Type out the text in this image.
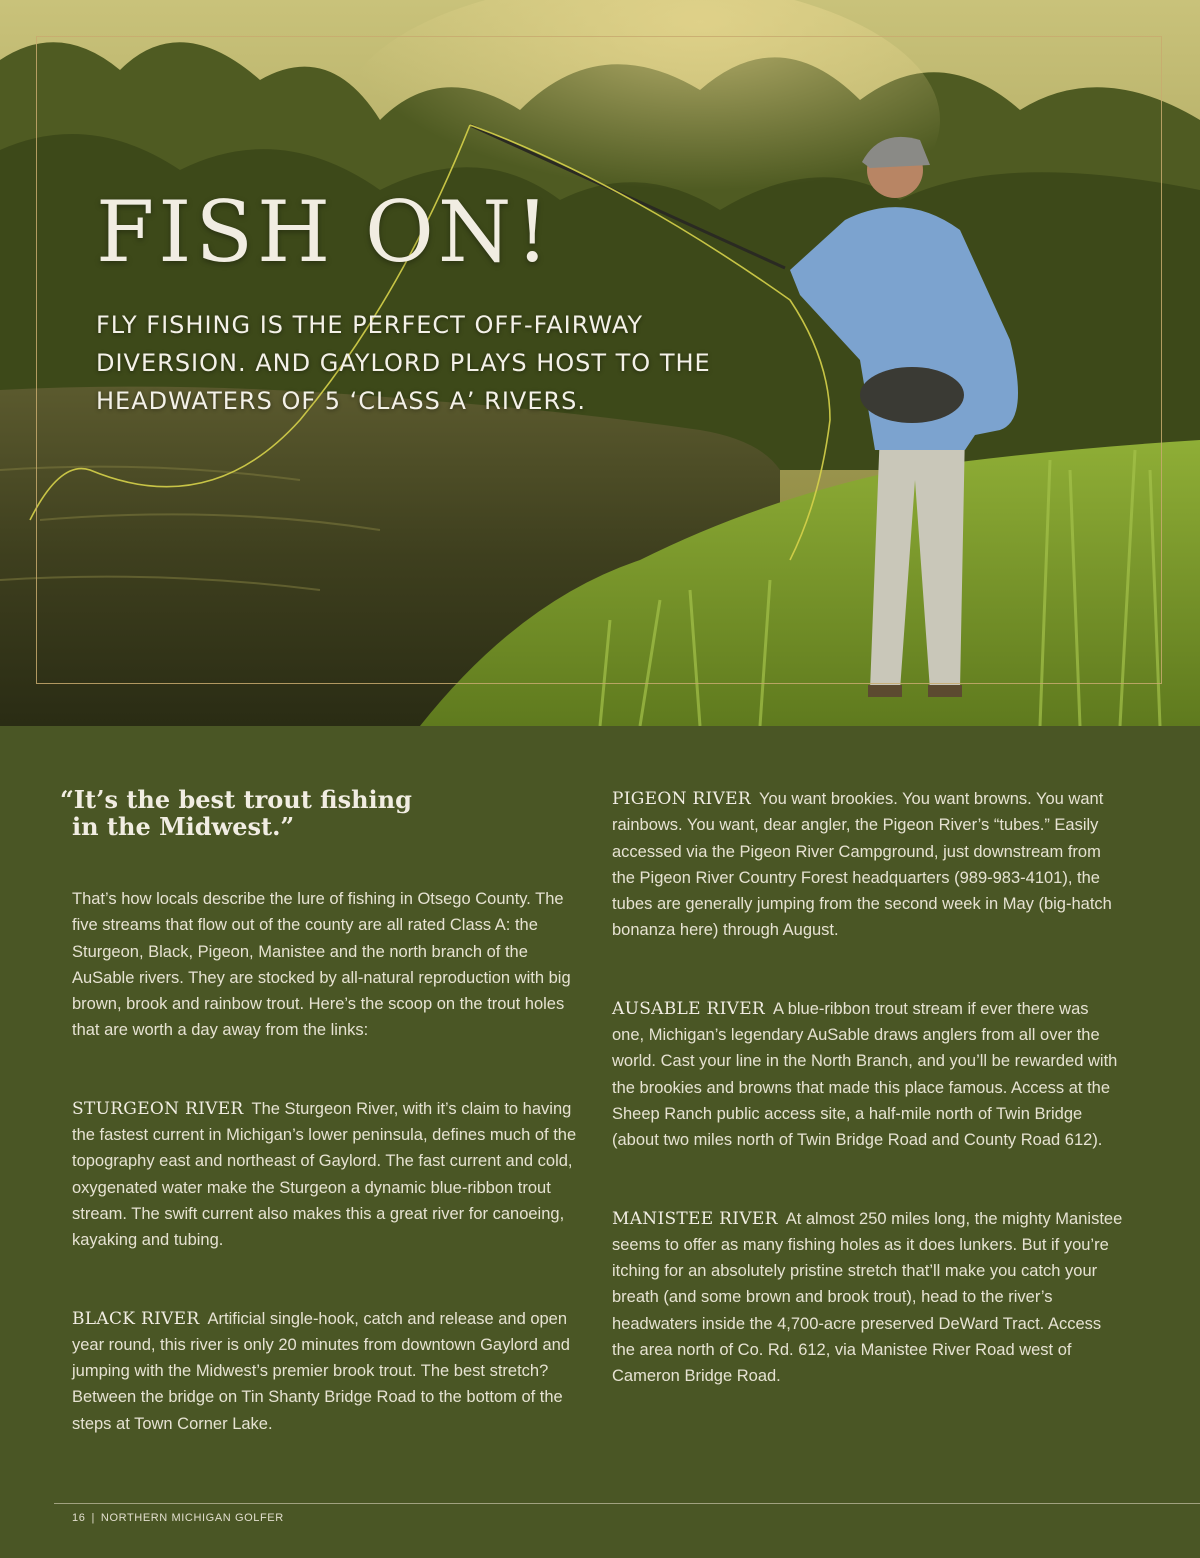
FISH ON!

FLY FISHING IS THE PERFECT OFF-FAIRWAY DIVERSION. AND GAYLORD PLAYS HOST TO THE HEADWATERS OF 5 ‘CLASS A’ RIVERS.

“It’s the best trout fishing
in the Midwest.”

That’s how locals describe the lure of fishing in Otsego County. The five streams that flow out of the county are all rated Class A: the Sturgeon, Black, Pigeon, Manistee and the north branch of the AuSable rivers. They are stocked by all-natural reproduction with big brown, brook and rainbow trout. Here’s the scoop on the trout holes that are worth a day away from the links:

STURGEON RIVER The Sturgeon River, with it’s claim to having the fastest current in Michigan’s lower peninsula, defines much of the topography east and northeast of Gaylord. The fast current and cold, oxygenated water make the Sturgeon a dynamic blue-ribbon trout stream. The swift current also makes this a great river for canoeing, kayaking and tubing.

BLACK RIVER Artificial single-hook, catch and release and open year round, this river is only 20 minutes from downtown Gaylord and jumping with the Midwest’s premier brook trout. The best stretch? Between the bridge on Tin Shanty Bridge Road to the bottom of the steps at Town Corner Lake.

PIGEON RIVER You want brookies. You want browns. You want rainbows. You want, dear angler, the Pigeon River’s “tubes.” Easily accessed via the Pigeon River Campground, just downstream from the Pigeon River Country Forest headquarters (989-983-4101), the tubes are generally jumping from the second week in May (big-hatch bonanza here) through August.

AUSABLE RIVER A blue-ribbon trout stream if ever there was one, Michigan’s legendary AuSable draws anglers from all over the world. Cast your line in the North Branch, and you’ll be rewarded with the brookies and browns that made this place famous. Access at the Sheep Ranch public access site, a half-mile north of Twin Bridge (about two miles north of Twin Bridge Road and County Road 612).

MANISTEE RIVER At almost 250 miles long, the mighty Manistee seems to offer as many fishing holes as it does lunkers. But if you’re itching for an absolutely pristine stretch that’ll make you catch your breath (and some brown and brook trout), head to the river’s headwaters inside the 4,700-acre preserved DeWard Tract. Access the area north of Co. Rd. 612, via Manistee River Road west of Cameron Bridge Road.

16 | NORTHERN MICHIGAN GOLFER
